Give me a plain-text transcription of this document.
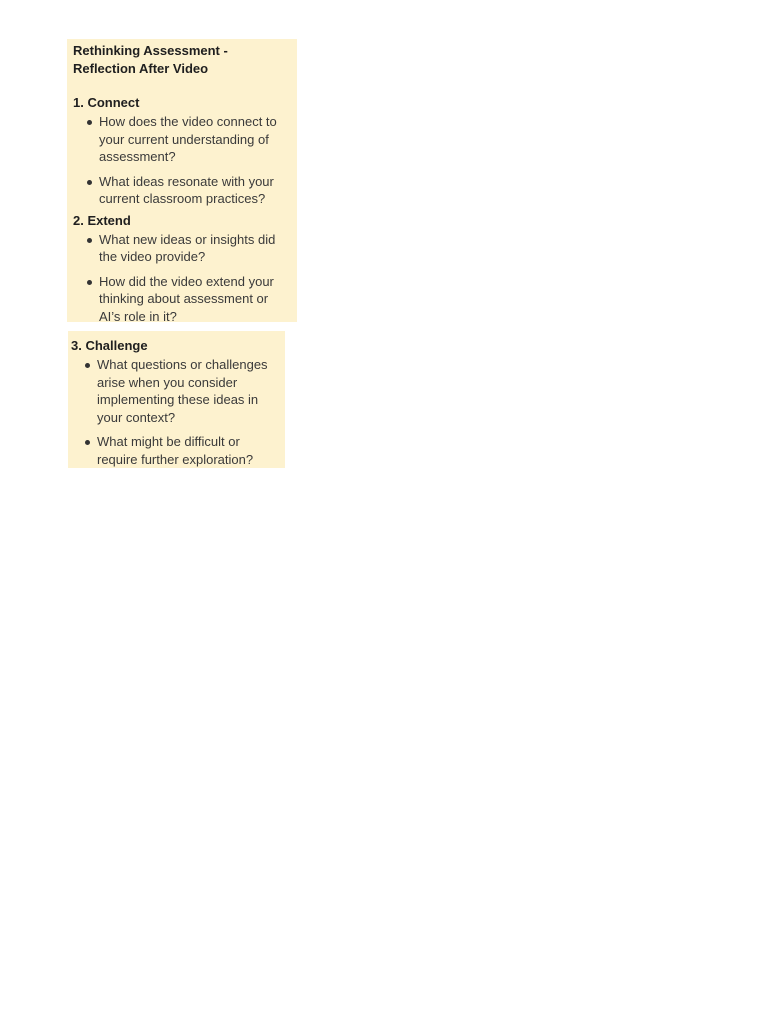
Rethinking Assessment -
Reflection After Video
1. Connect
How does the video connect to your current understanding of assessment?
What ideas resonate with your current classroom practices?
2. Extend
What new ideas or insights did the video provide?
How did the video extend your thinking about assessment or AI’s role in it?
3. Challenge
What questions or challenges arise when you consider implementing these ideas in your context?
What might be difficult or require further exploration?
